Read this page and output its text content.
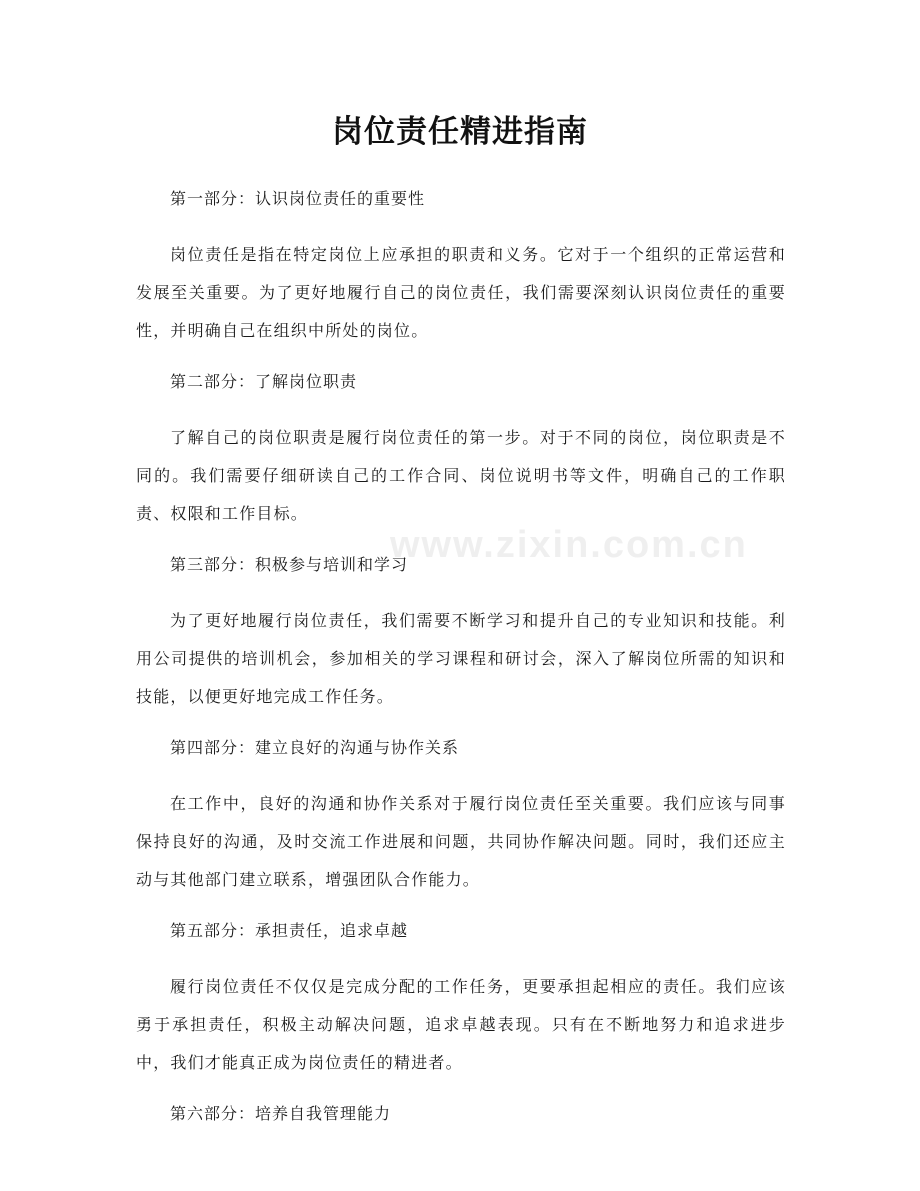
www.zixin.com.cn
岗位责任精进指南
第一部分：认识岗位责任的重要性
岗位责任是指在特定岗位上应承担的职责和义务。它对于一个组织的正常运营和发展至关重要。为了更好地履行自己的岗位责任，我们需要深刻认识岗位责任的重要性，并明确自己在组织中所处的岗位。
第二部分：了解岗位职责
了解自己的岗位职责是履行岗位责任的第一步。对于不同的岗位，岗位职责是不同的。我们需要仔细研读自己的工作合同、岗位说明书等文件，明确自己的工作职责、权限和工作目标。
第三部分：积极参与培训和学习
为了更好地履行岗位责任，我们需要不断学习和提升自己的专业知识和技能。利用公司提供的培训机会，参加相关的学习课程和研讨会，深入了解岗位所需的知识和技能，以便更好地完成工作任务。
第四部分：建立良好的沟通与协作关系
在工作中，良好的沟通和协作关系对于履行岗位责任至关重要。我们应该与同事保持良好的沟通，及时交流工作进展和问题，共同协作解决问题。同时，我们还应主动与其他部门建立联系，增强团队合作能力。
第五部分：承担责任，追求卓越
履行岗位责任不仅仅是完成分配的工作任务，更要承担起相应的责任。我们应该勇于承担责任，积极主动解决问题，追求卓越表现。只有在不断地努力和追求进步中，我们才能真正成为岗位责任的精进者。
第六部分：培养自我管理能力
